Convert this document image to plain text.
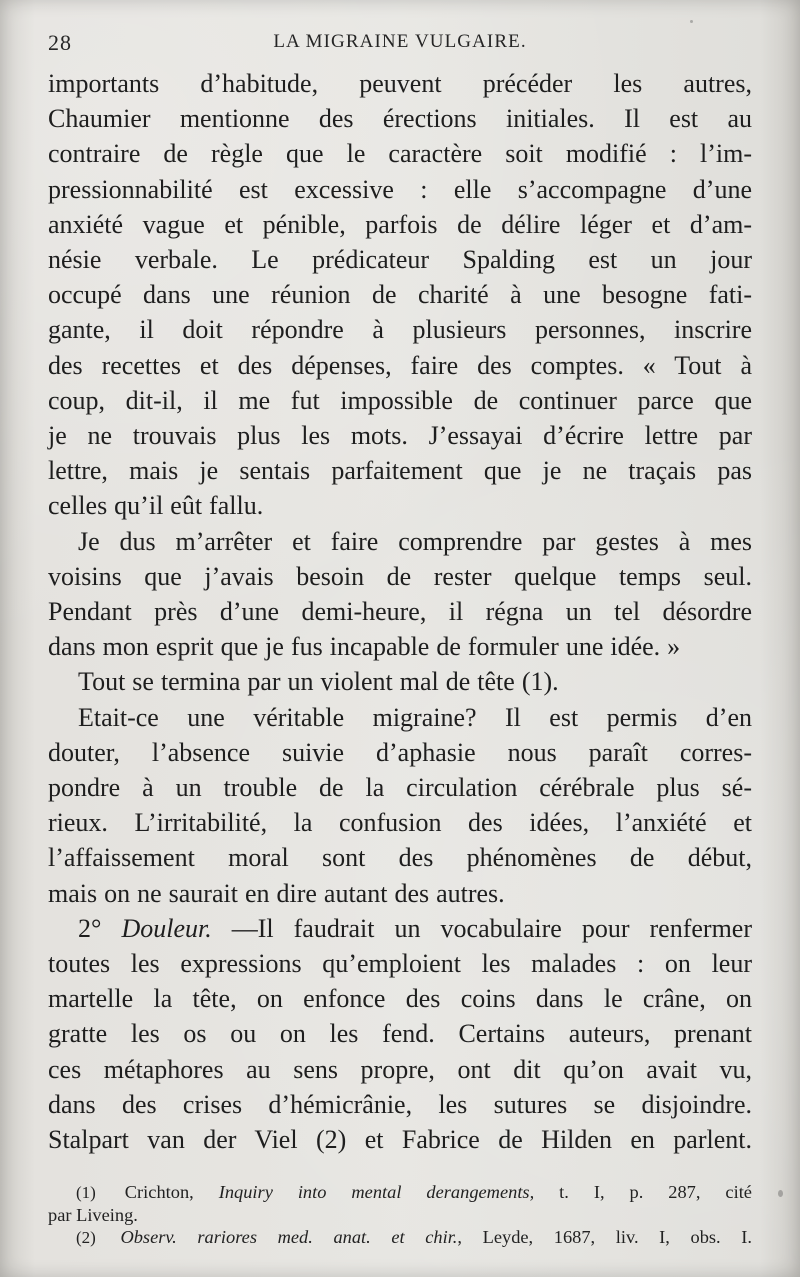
28	LA MIGRAINE VULGAIRE.

importants d’habitude, peuvent précéder les autres,
Chaumier mentionne des érections initiales. Il est au
contraire de règle que le caractère soit modifié : l’im-
pressionnabilité est excessive : elle s’accompagne d’une
anxiété vague et pénible, parfois de délire léger et d’am-
nésie verbale. Le prédicateur Spalding est un jour
occupé dans une réunion de charité à une besogne fati-
gante, il doit répondre à plusieurs personnes, inscrire
des recettes et des dépenses, faire des comptes. « Tout à
coup, dit-il, il me fut impossible de continuer parce que
je ne trouvais plus les mots. J’essayai d’écrire lettre par
lettre, mais je sentais parfaitement que je ne traçais pas
celles qu’il eût fallu.

Je dus m’arrêter et faire comprendre par gestes à mes
voisins que j’avais besoin de rester quelque temps seul.
Pendant près d’une demi-heure, il régna un tel désordre
dans mon esprit que je fus incapable de formuler une idée. »

Tout se termina par un violent mal de tête (1).

Etait-ce une véritable migraine? Il est permis d’en
douter, l’absence suivie d’aphasie nous paraît corres-
pondre à un trouble de la circulation cérébrale plus sé-
rieux. L’irritabilité, la confusion des idées, l’anxiété et
l’affaissement moral sont des phénomènes de début,
mais on ne saurait en dire autant des autres.

2° Douleur. —Il faudrait un vocabulaire pour renfermer
toutes les expressions qu’emploient les malades : on leur
martelle la tête, on enfonce des coins dans le crâne, on
gratte les os ou on les fend. Certains auteurs, prenant
ces métaphores au sens propre, ont dit qu’on avait vu,
dans des crises d’hémicrânie, les sutures se disjoindre.
Stalpart van der Viel (2) et Fabrice de Hilden en parlent.

(1) Crichton, Inquiry into mental derangements, t. I, p. 287, cité
par Liveing.

(2) Observ. rariores med. anat. et chir., Leyde, 1687, liv. I, obs. I.
